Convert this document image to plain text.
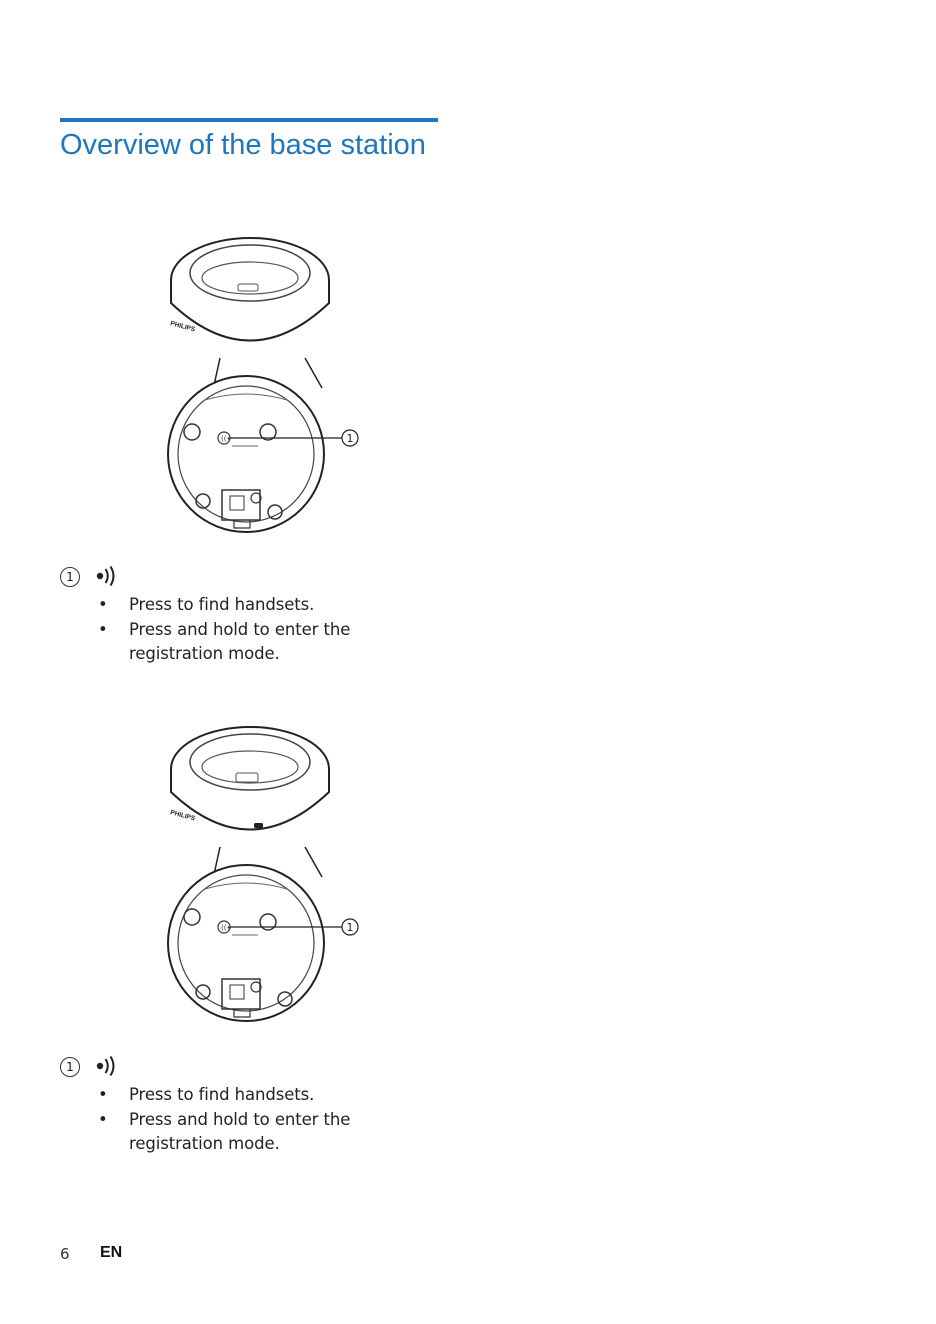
Overview of the base station
PHILIPS
((•	1
1
• Press to find handsets.
• Press and hold to enter the registration mode.
PHILIPS
((•	1
1
• Press to find handsets.
• Press and hold to enter the registration mode.
6 EN
